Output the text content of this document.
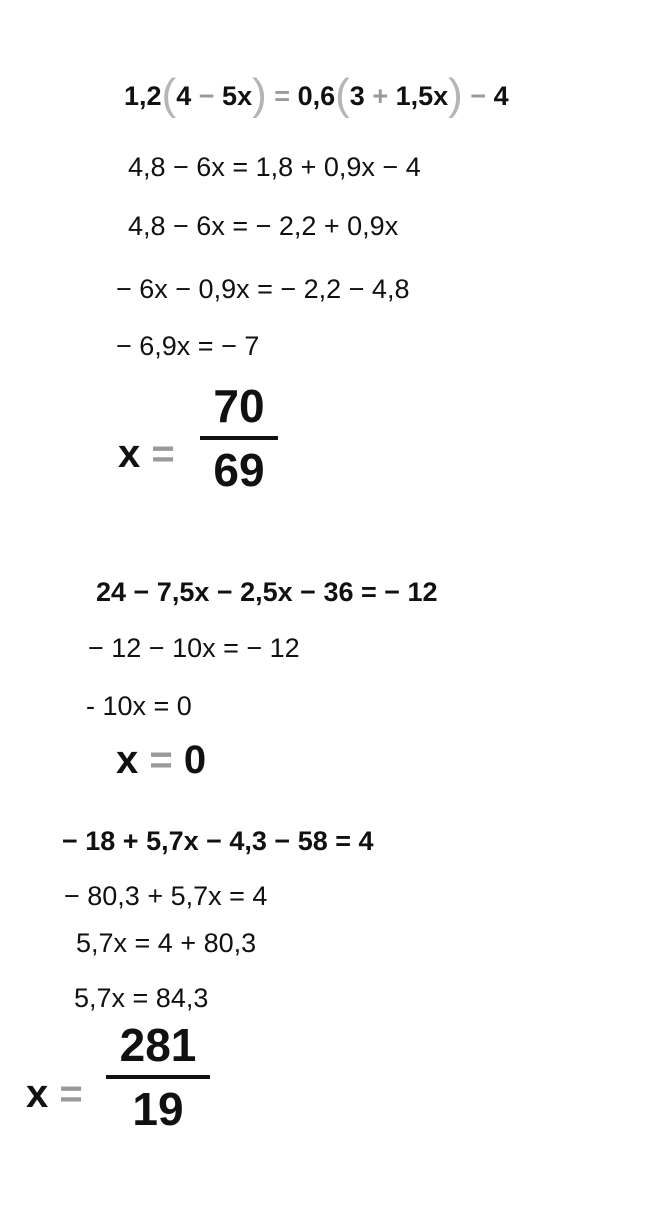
1,2(4 − 5x) = 0,6(3 + 1,5x) − 4
4,8 − 6x = 1,8 + 0,9x − 4
4,8 − 6x = − 2,2 + 0,9x
− 6x − 0,9x = − 2,2 − 4,8
− 6,9x = − 7
x =
70
69
24 − 7,5x − 2,5x − 36 = − 12
− 12 − 10x = − 12
- 10x = 0
x = 0
− 18 + 5,7x − 4,3 − 58 = 4
− 80,3 + 5,7x = 4
5,7x = 4 + 80,3
5,7x = 84,3
x =
281
19
